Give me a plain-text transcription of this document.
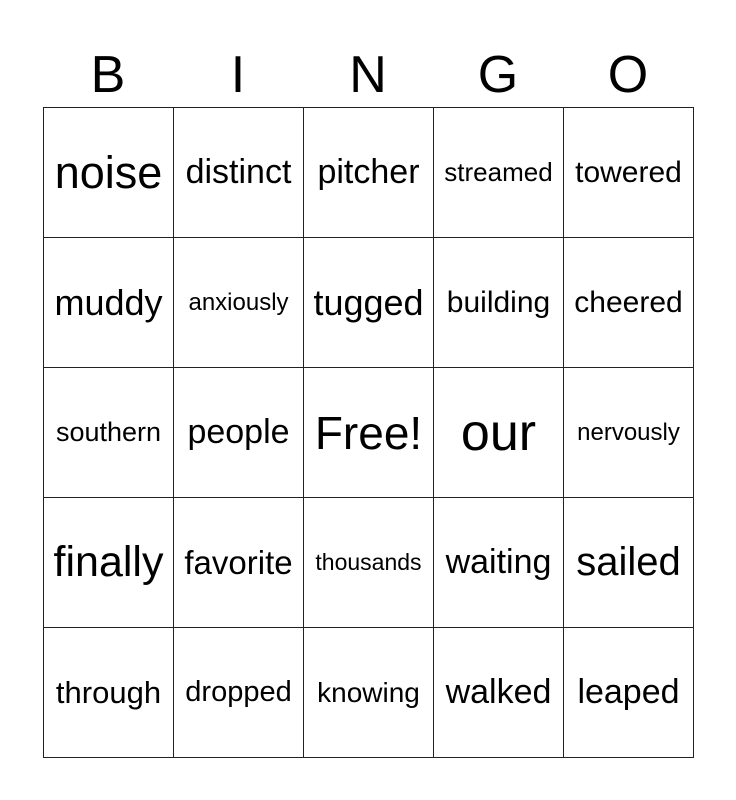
B	I	N	G	O
noise distinct pitcher streamed towered
muddy anxiously tugged building cheered
southern people Free! our nervously
finally favorite thousands waiting sailed
through dropped knowing walked leaped
